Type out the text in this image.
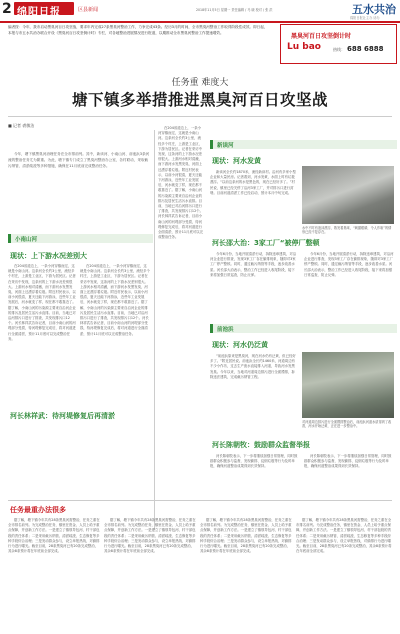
2 绵阳日报	区县新闻	2018年11月5日 星期一 责任编辑 / 马 晓 校对 / 张 洪	五水共治
绵阳日报社主办 协办
编者按：今年，我市启动黑臭河百日攻坚战，要求年内完成27条黑臭河整治工作，力争完成43条。经历3月的时间，全市黑臭河整治工作取得阶段性成效。即日起，本报与市五水共治办联合开设《黑臭河百日攻坚倒计时》专栏，对各地整治进展情况进行报道，以期推动全市黑臭河整治工作提速增效。	黑臭河百日攻坚倒计时
Lu bao	热线： 688 6888
任务重 难度大
塘下镇多举措推进黑臭河百日攻坚战
■ 记者 裘敏洁

今年，塘下镇黑臭河治理任务在全市排前列。其中，新读河、小南山河、前池浜3条河流的整治任务尤为繁重。为此，塘下镇专门成立了黑臭河整治办公室，各村联动，采取截污纳管、清淤疏浚等多种措施，确保在11月底前完成整治任务。

小南山河
现状：上下游水况差别大

在204省道边上，一条小河穿镇而过，这就是小南山河。这条河全长约3公里，流经多个村庄，上游是工业区，下游为居民区。记者在采访中发现，这条河的上下游水况差别很大。上游河水相对清澈，而下游河水发黑发臭，河面上还漂浮着垃圾。附近村民表示，以前小河很清，夏天还能下河游泳，近些年工业发展后，河水就变了样，现在都不敢靠近了。据了解，小南山河的污染源主要来自沿河企业的排污及居民生活污水直排。目前，当地已对沿河排污口进行了排查，共发现排污口12个。河长林祥武告诉记者，目前小南山河的河堤部分受损，待河堤修复完成后，将对河道进行全面清淤，预计11月底可以完成整治任务。

在204省道边上，一条小河穿镇而过，这就是小南山河。这条河全长约3公里，流经多个村庄，上游是工业区，下游为居民区。记者在采访中发现，这条河的上下游水况差别很大。上游河水相对清澈，而下游河水发黑发臭，河面上还漂浮着垃圾。附近村民表示，以前小河很清，夏天还能下河游泳，近些年工业发展后，河水就变了样，现在都不敢靠近了。据了解，小南山河的污染源主要来自沿河企业的排污及居民生活污水直排。目前，当地已对沿河排污口进行了排查，共发现排污口12个。河长林祥武告诉记者，目前小南山河的河堤部分受损，待河堤修复完成后，将对河道进行全面清淤，预计11月底可以完成整治任务。

河长林祥武：待河堤修复后再清淤

在204省道边上，一条小河穿镇而过，这就是小南山河。这条河全长约3公里，流经多个村庄，上游是工业区，下游为居民区。记者在采访中发现，这条河的上下游水况差别很大。上游河水相对清澈，而下游河水发黑发臭，河面上还漂浮着垃圾。附近村民表示，以前小河很清，夏天还能下河游泳，近些年工业发展后，河水就变了样，现在都不敢靠近了。据了解，小南山河的污染源主要来自沿河企业的排污及居民生活污水直排。目前，当地已对沿河排污口进行了排查，共发现排污口12个。河长林祥武告诉记者，目前小南山河的河堤部分受损，待河堤修复完成后，将对河道进行全面清淤，预计11月底可以完成整治任务。

新读河
现状：河水发黄

新读河全长约1870米，流经新读村。沿河有多家小型企业和大量民房。记者看到，河水发黄，水面上时有垃圾漂浮。“以前这条河的水是黑色的，现在已经好多了。”村民说，镇里已经关停了沿河3家工厂，并对排污口进行封堵。目前河道清淤工作已经启动，预计本月中旬完成。

水中不时有泡沫漂浮，散发着臭味，“刺激眼睛，令人作呕”的情形已经不复存在。
河长邵大治：3家工厂“被停厂整顿

今年6月份，当地开展清淤行动，拆除违章建筑，对沿河企业进行排查，发现3家工厂存在偷排现象，随即对3家工厂停产整顿。同时，通过截污纳管等手段，逐步改善水质。河长邵大治表示，整治工作已经进入收尾阶段，接下来将加强日常巡查，防止反弹。

今年6月份，当地开展清淤行动，拆除违章建筑，对沿河企业进行排查，发现3家工厂存在偷排现象，随即对3家工厂停产整顿。同时，通过截污纳管等手段，逐步改善水质。河长邵大治表示，整治工作已经进入收尾阶段，接下来将加强日常巡查，防止反弹。

前池浜
现状：河水仍泛黄

“前池浜原来是黑臭河，现在河水仍有泛黄，但已经好多了。”附近居民说。前池浜全长约1460米，河道周边有不少小作坊，过去生产废水直接排入河道，导致河水发黑发臭。今年以来，当地对河道周边排污进行全面摸排，拆除违法建筑，完成截污纳管工程。

对河道周边排污进行全面摸排整治后，前池浜河道水质得到了改善，河水开始泛黄，正在进一步整治中。
河长陈朝牧：鼓励群众监督举报

河长陈朝牧表示，下一步将继续加强日常管理，同时鼓励群众积极参与监督，发现偷排、乱倒垃圾等行为及时举报，确保河道整治成果得到长效保持。

河长陈朝牧表示，下一步将继续加强日常管理，同时鼓励群众积极参与监督，发现偷排、乱倒垃圾等行为及时举报，确保河道整治成果得到长效保持。

任务最重办法很多

据了解，塘下镇今年共有28条黑臭河需整治，任务之重在全市排名前列。为完成整治任务，镇里在资金、人员上给予重点保障，并创新工作方法。一是建立了镇领导包河、村干部包段的责任体系；二是采用截污纳管、清淤疏浚、生态修复等多种手段综合治理；三是发动群众参与，设立举报热线，对偷排行为进行曝光。截至目前，28条黑臭河已有20条完成整治，其余8条预计将在年底前全部完成。

据了解，塘下镇今年共有28条黑臭河需整治，任务之重在全市排名前列。为完成整治任务，镇里在资金、人员上给予重点保障，并创新工作方法。一是建立了镇领导包河、村干部包段的责任体系；二是采用截污纳管、清淤疏浚、生态修复等多种手段综合治理；三是发动群众参与，设立举报热线，对偷排行为进行曝光。截至目前，28条黑臭河已有20条完成整治，其余8条预计将在年底前全部完成。

据了解，塘下镇今年共有28条黑臭河需整治，任务之重在全市排名前列。为完成整治任务，镇里在资金、人员上给予重点保障，并创新工作方法。一是建立了镇领导包河、村干部包段的责任体系；二是采用截污纳管、清淤疏浚、生态修复等多种手段综合治理；三是发动群众参与，设立举报热线，对偷排行为进行曝光。截至目前，28条黑臭河已有20条完成整治，其余8条预计将在年底前全部完成。

据了解，塘下镇今年共有28条黑臭河需整治，任务之重在全市排名前列。为完成整治任务，镇里在资金、人员上给予重点保障，并创新工作方法。一是建立了镇领导包河、村干部包段的责任体系；二是采用截污纳管、清淤疏浚、生态修复等多种手段综合治理；三是发动群众参与，设立举报热线，对偷排行为进行曝光。截至目前，28条黑臭河已有20条完成整治，其余8条预计将在年底前全部完成。
